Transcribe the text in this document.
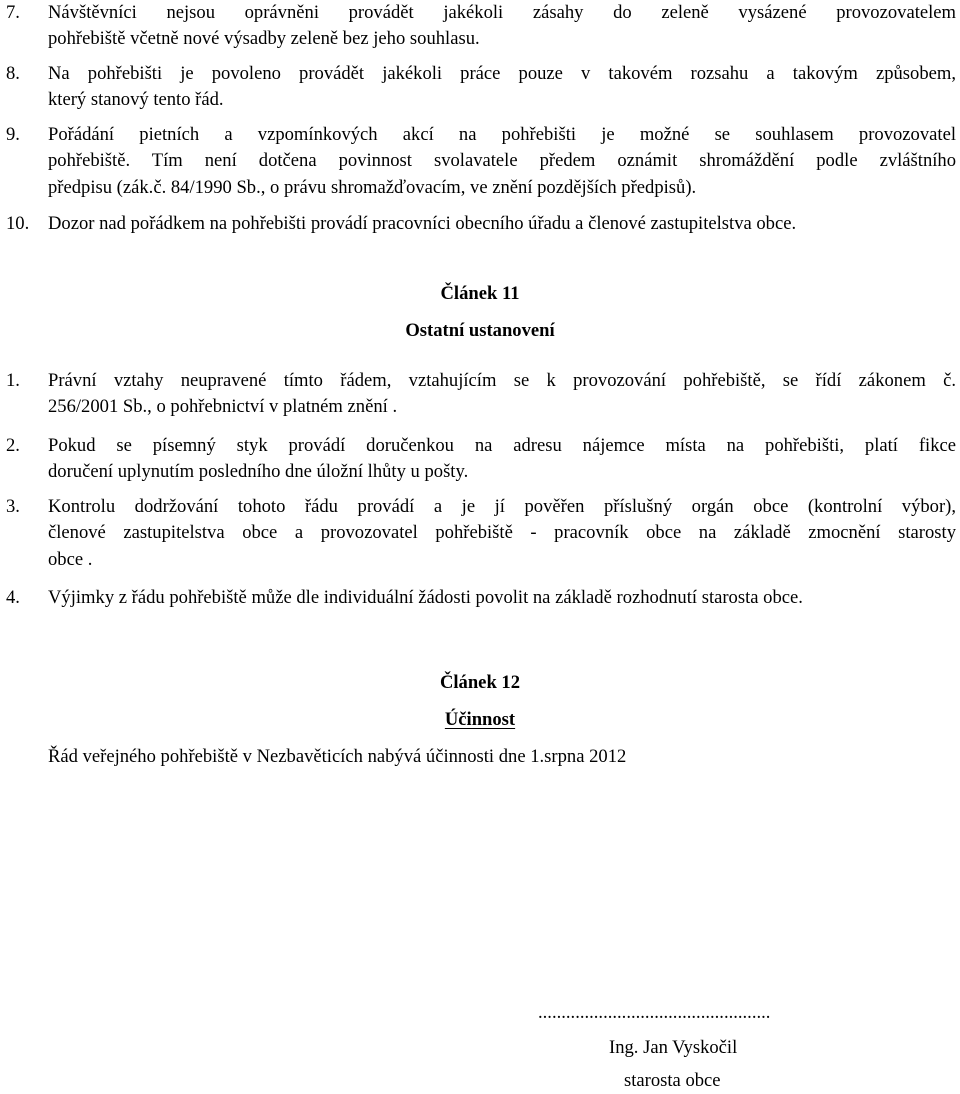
7. Návštěvníci nejsou oprávněni provádět jakékoli zásahy do zeleně vysázené provozovatelem
pohřebiště včetně nové výsadby zeleně bez jeho souhlasu.
8. Na pohřebišti je povoleno provádět jakékoli práce pouze v takovém rozsahu a takovým způsobem,
který stanový tento řád.
9. Pořádání pietních a vzpomínkových akcí na pohřebišti je možné se souhlasem provozovatel
pohřebiště. Tím není dotčena povinnost svolavatele předem oznámit shromáždění podle zvláštního
předpisu (zák.č. 84/1990 Sb., o právu shromažďovacím, ve znění pozdějších předpisů).
10. Dozor nad pořádkem na pohřebišti provádí pracovníci obecního úřadu a členové zastupitelstva obce.
Článek 11
Ostatní ustanovení
1. Právní vztahy neupravené tímto řádem, vztahujícím se k provozování pohřebiště, se řídí zákonem č.
256/2001 Sb., o pohřebnictví v platném znění .
2. Pokud se písemný styk provádí doručenkou na adresu nájemce místa na pohřebišti, platí fikce
doručení uplynutím posledního dne úložní lhůty u pošty.
3. Kontrolu dodržování tohoto řádu provádí a je jí pověřen příslušný orgán obce (kontrolní výbor),
členové zastupitelstva obce a provozovatel pohřebiště - pracovník obce na základě zmocnění starosty
obce .
4. Výjimky z řádu pohřebiště může dle individuální žádosti povolit na základě rozhodnutí starosta obce.
Článek 12
Účinnost
Řád veřejného pohřebiště v Nezbavěticích nabývá účinnosti dne 1.srpna 2012
..................................................
Ing. Jan Vyskočil
starosta obce
